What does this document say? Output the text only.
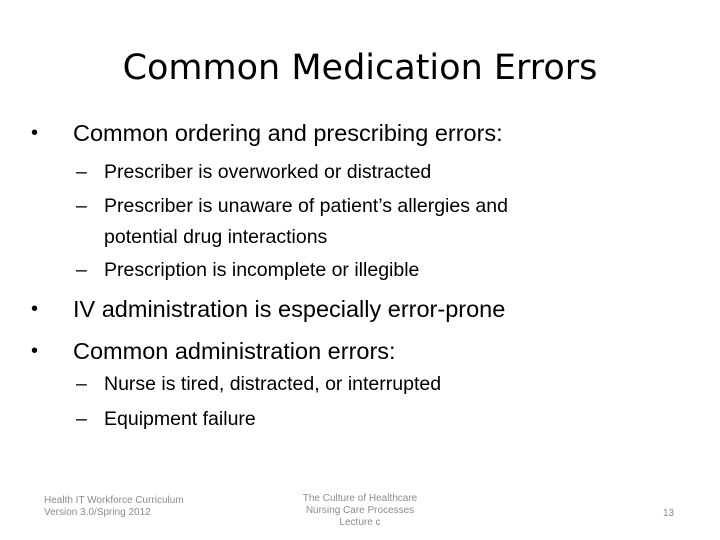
Common Medication Errors
• Common ordering and prescribing errors:
– Prescriber is overworked or distracted
– Prescriber is unaware of patient’s allergies and
potential drug interactions
– Prescription is incomplete or illegible
• IV administration is especially error-prone
• Common administration errors:
– Nurse is tired, distracted, or interrupted
– Equipment failure
Health IT Workforce Curriculum
Version 3.0/Spring 2012
The Culture of Healthcare
Nursing Care Processes
Lecture c
13
